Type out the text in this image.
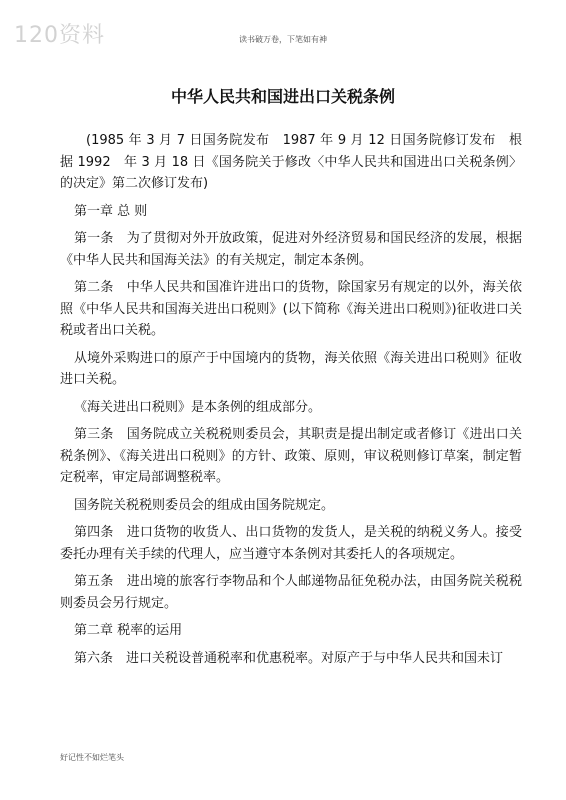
120资料	读书破万卷，下笔如有神
中华人民共和国进出口关税条例

(1985 年 3 月 7 日国务院发布　1987 年 9 月 12 日国务院修订发布　根据 1992　年 3 月 18 日《国务院关于修改〈中华人民共和国进出口关税条例〉的决定》第二次修订发布)

第一章 总 则

第一条　为了贯彻对外开放政策，促进对外经济贸易和国民经济的发展，根据《中华人民共和国海关法》的有关规定，制定本条例。

第二条　中华人民共和国准许进出口的货物，除国家另有规定的以外，海关依照《中华人民共和国海关进出口税则》(以下简称《海关进出口税则》)征收进口关税或者出口关税。

从境外采购进口的原产于中国境内的货物，海关依照《海关进出口税则》征收进口关税。

《海关进出口税则》是本条例的组成部分。

第三条　国务院成立关税税则委员会，其职责是提出制定或者修订《进出口关税条例》、《海关进出口税则》的方针、政策、原则，审议税则修订草案，制定暂定税率，审定局部调整税率。

国务院关税税则委员会的组成由国务院规定。

第四条　进口货物的收货人、出口货物的发货人，是关税的纳税义务人。接受委托办理有关手续的代理人，应当遵守本条例对其委托人的各项规定。

第五条　进出境的旅客行李物品和个人邮递物品征免税办法，由国务院关税税则委员会另行规定。

第二章 税率的运用

第六条　进口关税设普通税率和优惠税率。对原产于与中华人民共和国未订

好记性不如烂笔头
